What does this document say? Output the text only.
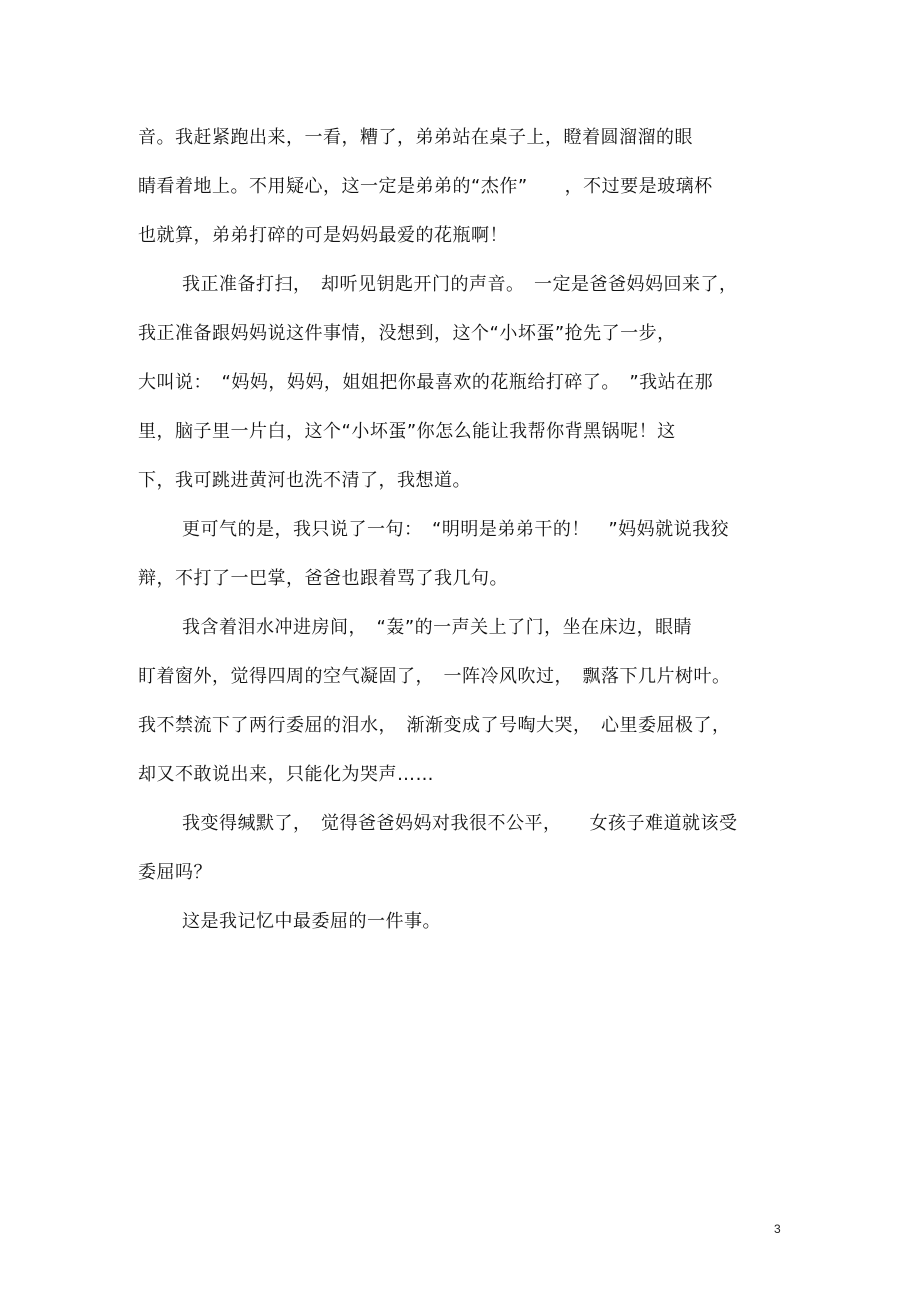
音。我赶紧跑出来，一看，糟了，弟弟站在桌子上，瞪着圆溜溜的眼
睛看着地上。不用疑心，这一定是弟弟的“杰作”　　，不过要是玻璃杯
也就算，弟弟打碎的可是妈妈最爱的花瓶啊！
我正准备打扫，　却听见钥匙开门的声音。　一定是爸爸妈妈回来了，
我正准备跟妈妈说这件事情，没想到，这个“小坏蛋”抢先了一步，
大叫说：　“妈妈，妈妈，姐姐把你最喜欢的花瓶给打碎了。　”我站在那
里，脑子里一片白，这个“小坏蛋”你怎么能让我帮你背黑锅呢！这
下，我可跳进黄河也洗不清了，我想道。
更可气的是，我只说了一句：　“明明是弟弟干的！　”妈妈就说我狡
辩，不打了一巴掌，爸爸也跟着骂了我几句。
我含着泪水冲进房间，　“轰”的一声关上了门，坐在床边，眼睛
盯着窗外，觉得四周的空气凝固了，　一阵冷风吹过，　飘落下几片树叶。
我不禁流下了两行委屈的泪水，　渐渐变成了号啕大哭，　心里委屈极了，
却又不敢说出来，只能化为哭声……
我变得缄默了，　觉得爸爸妈妈对我很不公平，　　女孩子难道就该受
委屈吗？
这是我记忆中最委屈的一件事。
3
